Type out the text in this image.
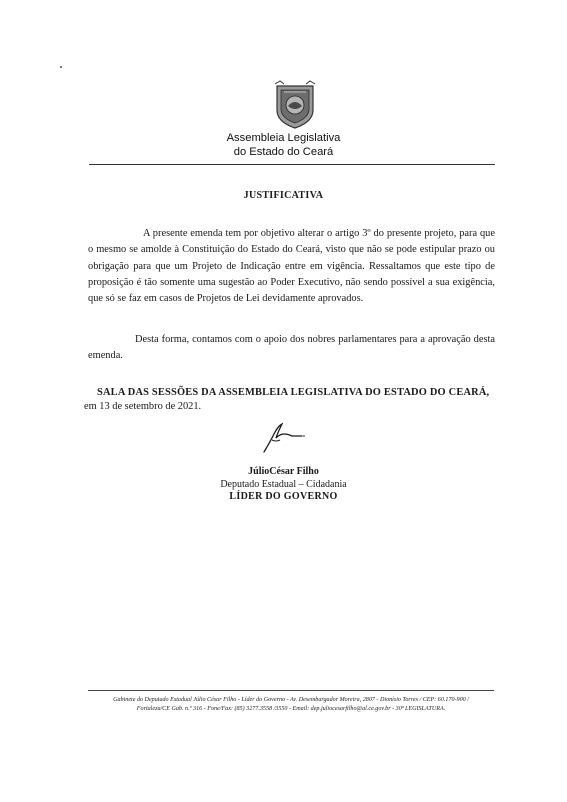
Assembleia Legislativa
do Estado do Ceará
JUSTIFICATIVA

A presente emenda tem por objetivo alterar o artigo 3º do presente projeto, para que o mesmo se amolde à Constituição do Estado do Ceará, visto que não se pode estipular prazo ou obrigação para que um Projeto de Indicação entre em vigência. Ressaltamos que este tipo de proposição é tão somente uma sugestão ao Poder Executivo, não sendo possível a sua exigência, que só se faz em casos de Projetos de Lei devidamente aprovados.

Desta forma, contamos com o apoio dos nobres parlamentares para a aprovação desta emenda.

SALA DAS SESSÕES DA ASSEMBLEIA LEGISLATIVA DO ESTADO DO CEARÁ, em 13 de setembro de 2021.
JúlioCésar Filho
Deputado Estadual – Cidadania
LÍDER DO GOVERNO
Gabinete do Deputado Estadual Júlio César Filho - Líder do Governo - Av. Desembargador Moreira, 2807 - Dionísio Torres / CEP: 60.170-900 /
Fortaleza/CE Gab. n.º 316 - Fone/Fax: (85) 3277.3558 /3550 - Email: dep.juliocesarfilho@al.ce.gov.br - 30ª LEGISLATURA.
